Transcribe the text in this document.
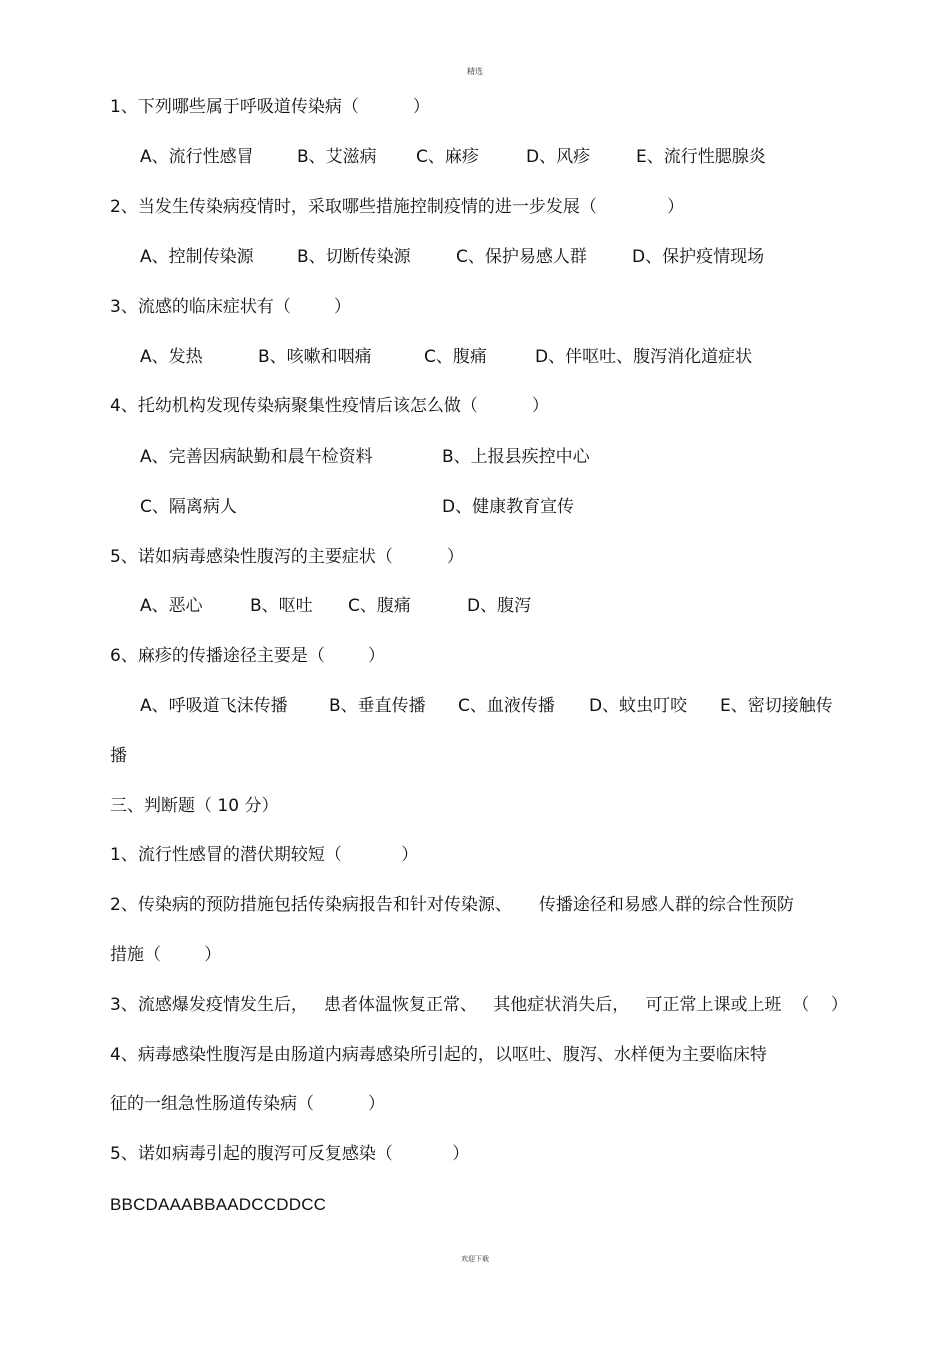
精选
1、下列哪些属于呼吸道传染病（          ）
A、流行性感冒	B、艾滋病 C、麻疹	D、风疹	E、流行性腮腺炎
2、当发生传染病疫情时，采取哪些措施控制疫情的进一步发展（             ）
A、控制传染源	B、切断传染源	C、保护易感人群	D、保护疫情现场
3、流感的临床症状有（        ）
A、发热	B、咳嗽和咽痛	C、腹痛	D、伴呕吐、腹泻消化道症状
4、托幼机构发现传染病聚集性疫情后该怎么做（          ）
A、完善因病缺勤和晨午检资料	B、上报县疾控中心
C、隔离病人	D、健康教育宣传
5、诺如病毒感染性腹泻的主要症状（          ）
A、恶心	B、呕吐 C、腹痛	D、腹泻
6、麻疹的传播途径主要是（        ）
A、呼吸道飞沫传播 B、垂直传播 C、血液传播 D、蚊虫叮咬 E、密切接触传
播
三、判断题（ 10 分）
1、流行性感冒的潜伏期较短（           ）
2、传染病的预防措施包括传染病报告和针对传染源、     传播途径和易感人群的综合性预防
措施（        ）
3、流感爆发疫情发生后，   患者体温恢复正常、   其他症状消失后，   可正常上课或上班  （    ）
4、病毒感染性腹泻是由肠道内病毒感染所引起的，以呕吐、腹泻、水样便为主要临床特
征的一组急性肠道传染病（          ）
5、诺如病毒引起的腹泻可反复感染（           ）
BBCDAAABBAADCCDDCC
欢迎下载
